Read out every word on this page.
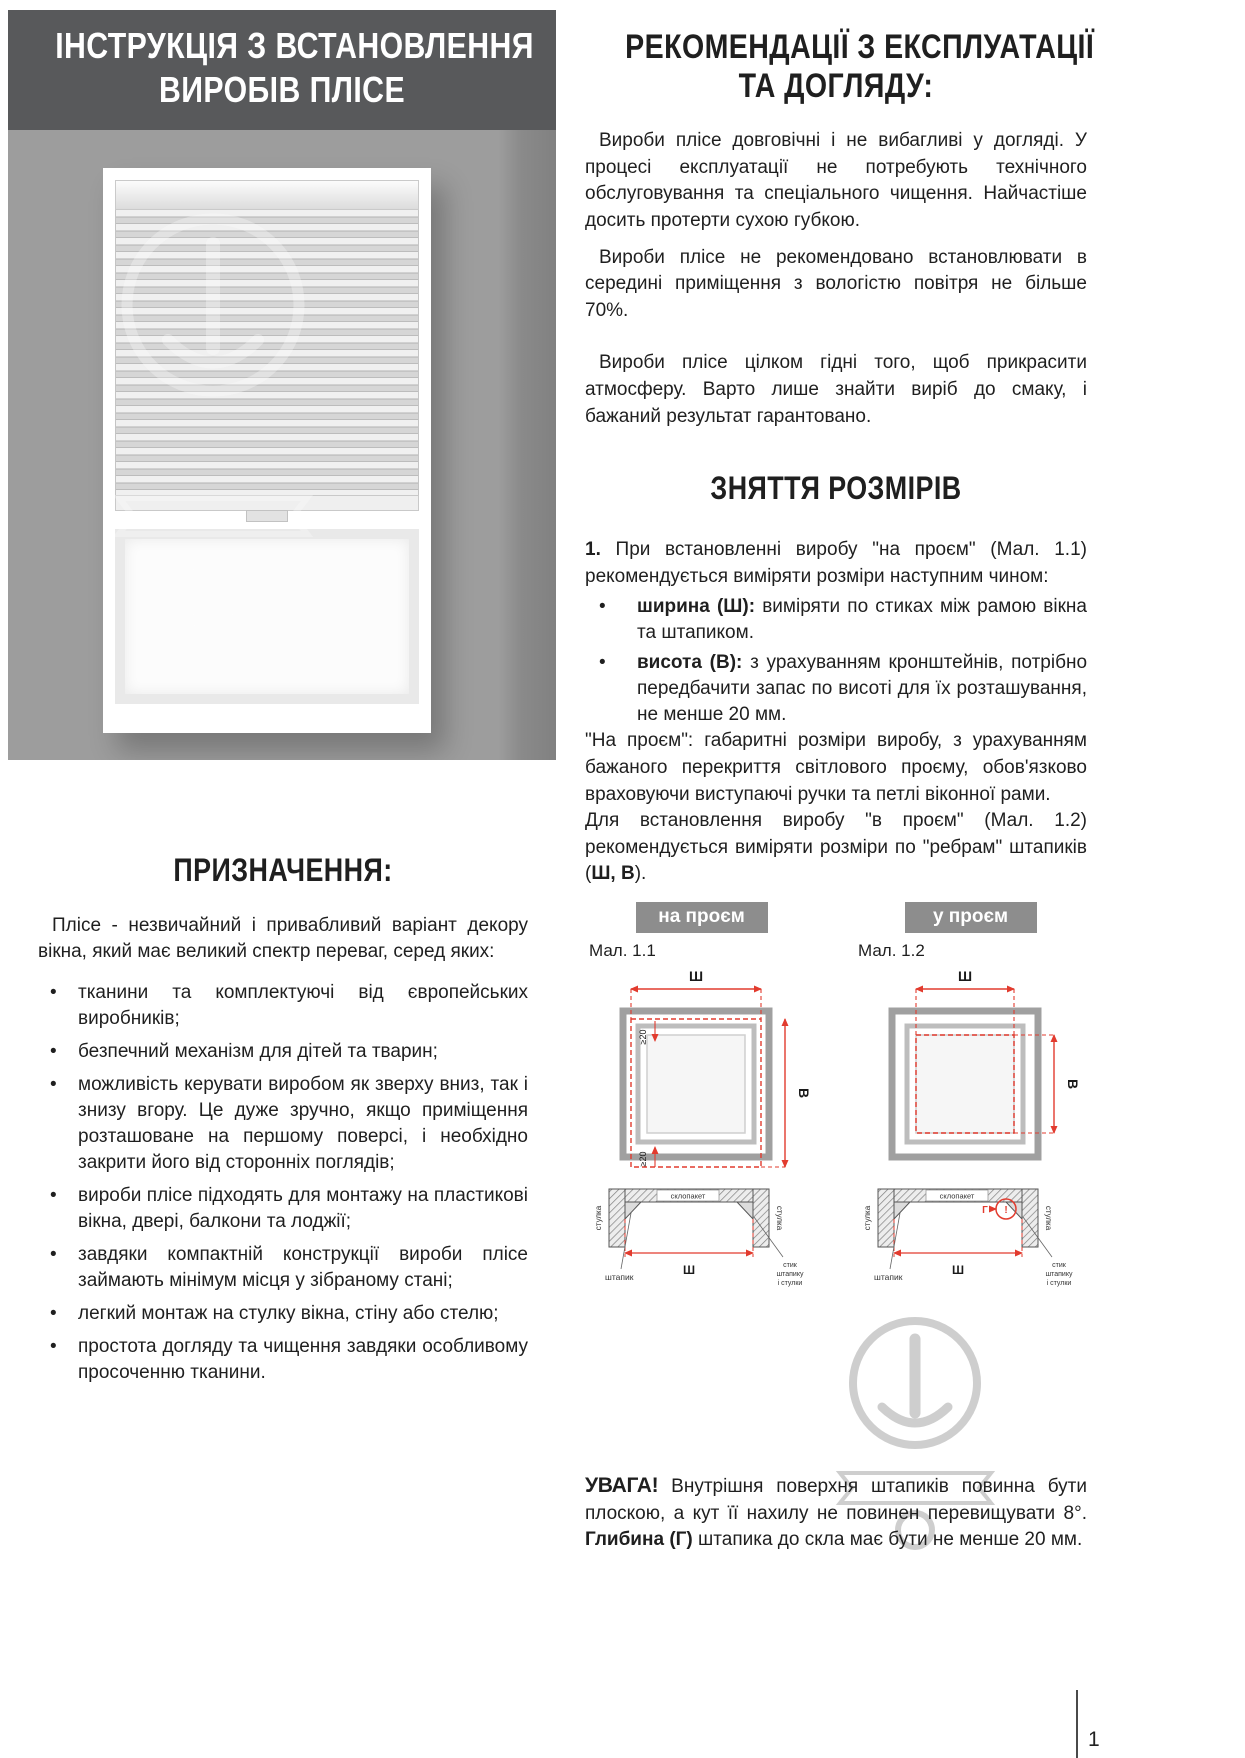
ІНСТРУКЦІЯ З ВСТАНОВЛЕННЯ
ВИРОБІВ ПЛІСЕ
ПРИЗНАЧЕННЯ:

Плісе - незвичайний і привабливий варіант декору вікна, який має великий спектр переваг, серед яких:

• тканини та комплектуючі від європейських виробників;
• безпечний механізм для дітей та тварин;
• можливість керувати виробом як зверху вниз, так і знизу вгору. Це дуже зручно, якщо приміщення розташоване на першому поверсі, і необхідно закрити його від сторонніх поглядів;
• вироби плісе підходять для монтажу на пластикові вікна, двері, балкони та лоджії;
• завдяки компактній конструкції вироби плісе займають мінімум місця у зібраному стані;
• легкий монтаж на стулку вікна, стіну або стелю;
• простота догляду та чищення завдяки особливому просоченню тканини.
РЕКОМЕНДАЦІЇ З ЕКСПЛУАТАЦІЇ
ТА ДОГЛЯДУ:

Вироби плісе довговічні і не вибагливі у догляді. У процесі експлуатації не потребують технічного обслуговування та спеціального чищення. Найчастіше досить протерти сухою губкою.

Вироби плісе не рекомендовано встановлювати в середині приміщення з вологістю повітря не більше 70%.

Вироби плісе цілком гідні того, щоб прикрасити атмосферу. Варто лише знайти виріб до смаку, і бажаний результат гарантовано.

ЗНЯТТЯ РОЗМІРІВ

1. При встановленні виробу "на проєм" (Мал. 1.1) рекомендується виміряти розміри наступним чином:

• ширина (Ш): виміряти по стиках між рамою вікна та штапиком.
• висота (В): з урахуванням кронштейнів, потрібно передбачити запас по висоті для їх розташування, не менше 20 мм.

"На проєм": габаритні розміри виробу, з урахуванням бажаного перекриття світлового проєму, обов'язково враховуючи виступаючі ручки та петлі віконної рами.

Для встановлення виробу "в проєм" (Мал. 1.2) рекомендується виміряти розміри по "ребрам" штапиків (Ш, В).

на проєм
Мал. 1.1
Ш
В
≥20
≥20
стулка	стулка
склопакет
штапик	Ш	стик
штапику
і стулки
у проєм
Мал. 1.2
Ш
В
стулка	стулка
склопакет
штапик	Ш
Г !
стик
штапику
і стулки

УВАГА! Внутрішня поверхня штапиків повинна бути плоскою, а кут її нахилу не повинен перевищувати 8°. Глибина (Г) штапика до скла має бути не менше 20 мм.

1
